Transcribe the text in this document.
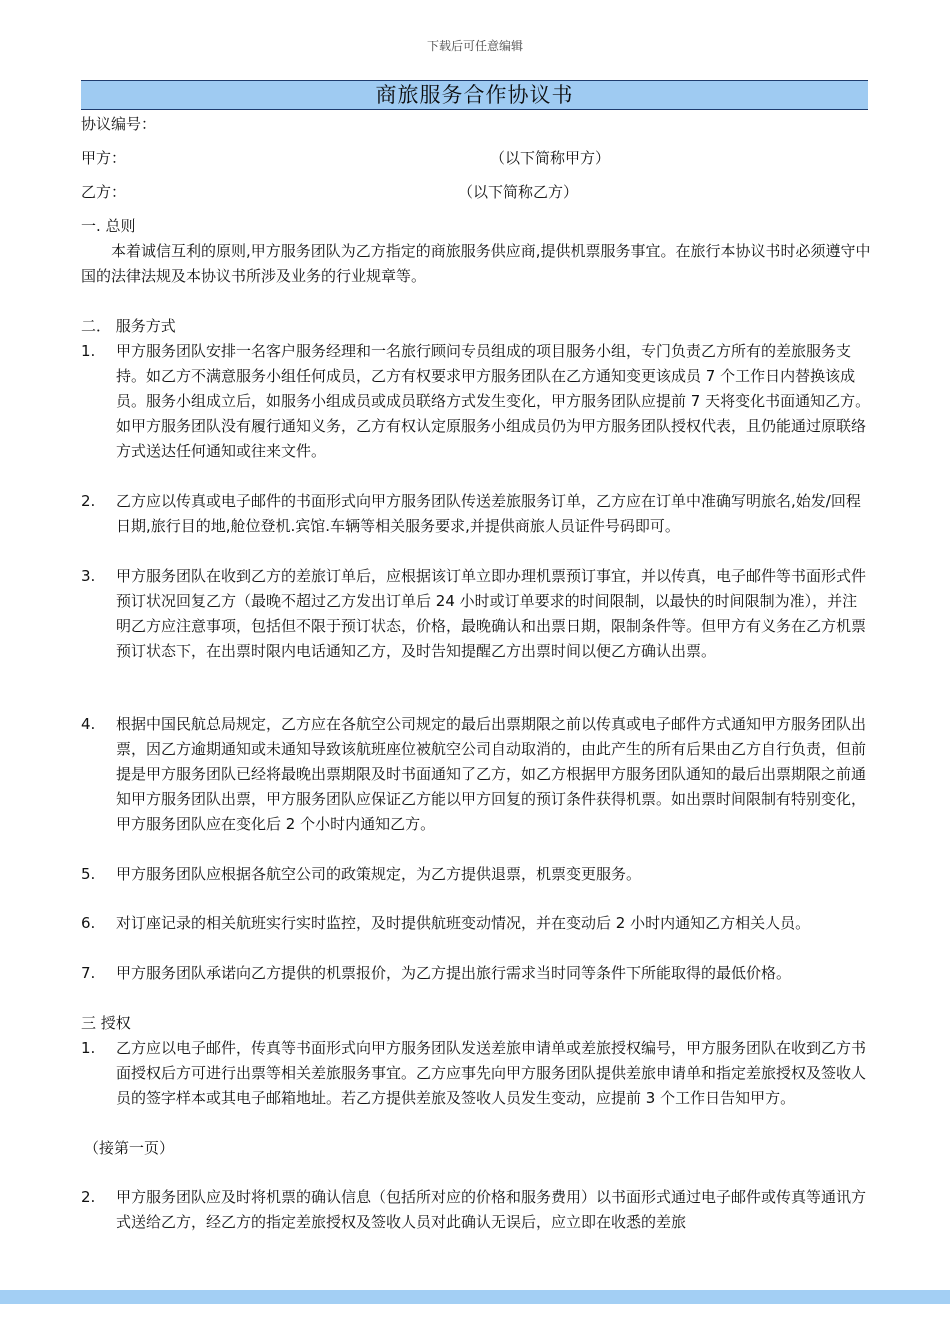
下载后可任意编辑
商旅服务合作协议书
协议编号：
甲方：	（以下简称甲方）
乙方：	（以下简称乙方）
一. 总则
本着诚信互利的原则,甲方服务团队为乙方指定的商旅服务供应商,提供机票服务事宜。在旅行本协议书时必须遵守中国的法律法规及本协议书所涉及业务的行业规章等。
二． 服务方式
1. 甲方服务团队安排一名客户服务经理和一名旅行顾问专员组成的项目服务小组，专门负责乙方所有的差旅服务支持。如乙方不满意服务小组任何成员，乙方有权要求甲方服务团队在乙方通知变更该成员 7 个工作日内替换该成员。服务小组成立后，如服务小组成员或成员联络方式发生变化，甲方服务团队应提前 7 天将变化书面通知乙方。如甲方服务团队没有履行通知义务，乙方有权认定原服务小组成员仍为甲方服务团队授权代表，且仍能通过原联络方式送达任何通知或往来文件。
2. 乙方应以传真或电子邮件的书面形式向甲方服务团队传送差旅服务订单，乙方应在订单中准确写明旅名,始发/回程日期,旅行目的地,舱位登机.宾馆.车辆等相关服务要求,并提供商旅人员证件号码即可。
3. 甲方服务团队在收到乙方的差旅订单后，应根据该订单立即办理机票预订事宜，并以传真，电子邮件等书面形式件预订状况回复乙方（最晚不超过乙方发出订单后 24 小时或订单要求的时间限制，以最快的时间限制为准），并注明乙方应注意事项，包括但不限于预订状态，价格，最晚确认和出票日期，限制条件等。但甲方有义务在乙方机票预订状态下，在出票时限内电话通知乙方，及时告知提醒乙方出票时间以便乙方确认出票。
4. 根据中国民航总局规定，乙方应在各航空公司规定的最后出票期限之前以传真或电子邮件方式通知甲方服务团队出票，因乙方逾期通知或未通知导致该航班座位被航空公司自动取消的，由此产生的所有后果由乙方自行负责，但前提是甲方服务团队已经将最晚出票期限及时书面通知了乙方，如乙方根据甲方服务团队通知的最后出票期限之前通知甲方服务团队出票，甲方服务团队应保证乙方能以甲方回复的预订条件获得机票。如出票时间限制有特别变化，甲方服务团队应在变化后 2 个小时内通知乙方。
5. 甲方服务团队应根据各航空公司的政策规定，为乙方提供退票，机票变更服务。
6. 对订座记录的相关航班实行实时监控，及时提供航班变动情况，并在变动后 2 小时内通知乙方相关人员。
7. 甲方服务团队承诺向乙方提供的机票报价，为乙方提出旅行需求当时同等条件下所能取得的最低价格。
三 授权
1. 乙方应以电子邮件，传真等书面形式向甲方服务团队发送差旅申请单或差旅授权编号，甲方服务团队在收到乙方书面授权后方可进行出票等相关差旅服务事宜。乙方应事先向甲方服务团队提供差旅申请单和指定差旅授权及签收人员的签字样本或其电子邮箱地址。若乙方提供差旅及签收人员发生变动，应提前 3 个工作日告知甲方。
（接第一页）
2. 甲方服务团队应及时将机票的确认信息（包括所对应的价格和服务费用）以书面形式通过电子邮件或传真等通讯方式送给乙方，经乙方的指定差旅授权及签收人员对此确认无误后，应立即在收悉的差旅
